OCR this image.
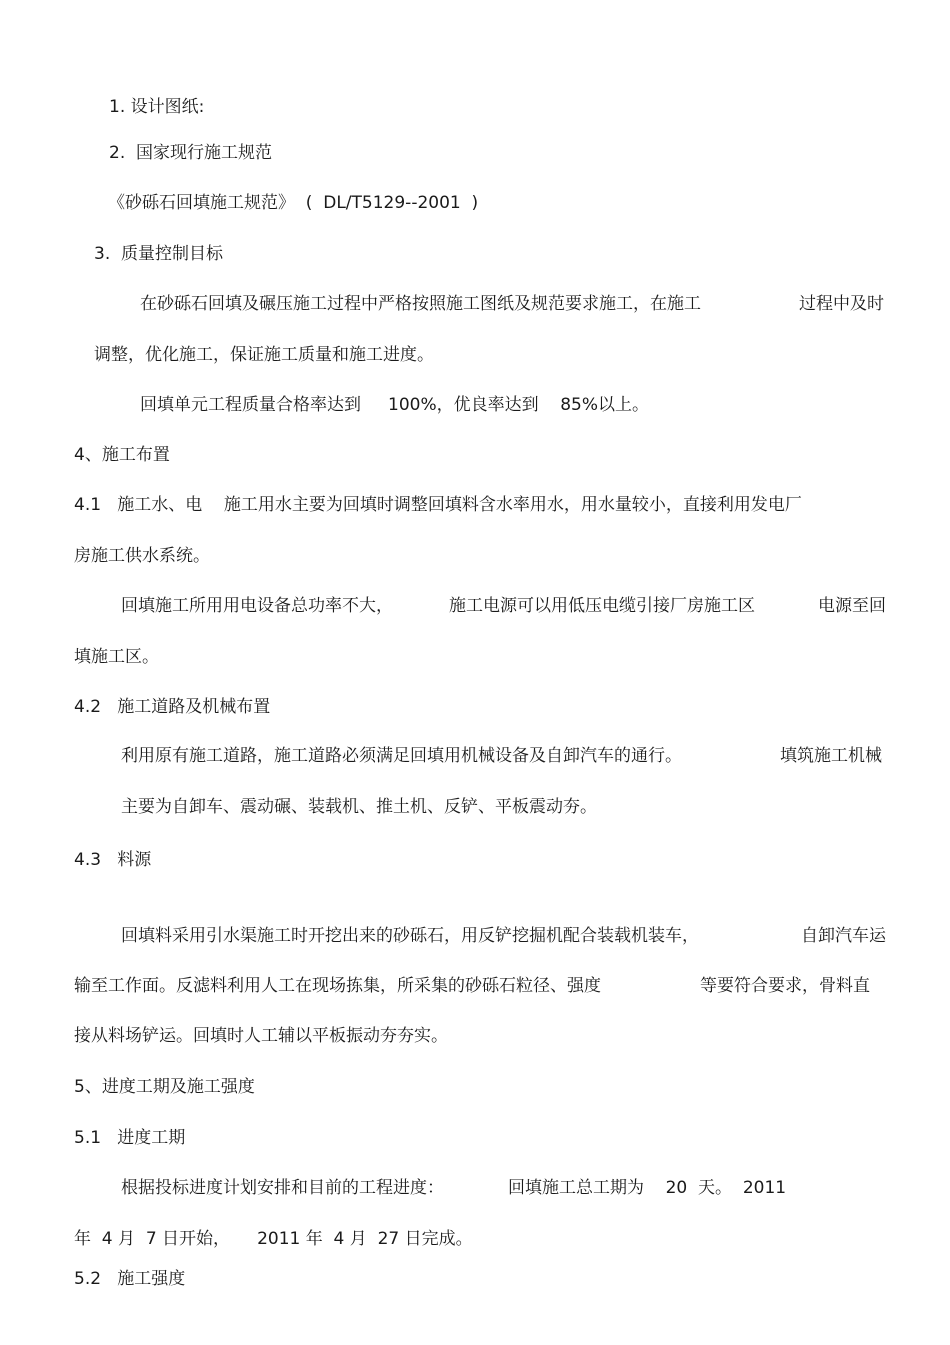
1. 设计图纸:
2.  国家现行施工规范
《砂砾石回填施工规范》  (  DL/T5129--2001  )
3.  质量控制目标
在砂砾石回填及碾压施工过程中严格按照施工图纸及规范要求施工，在施工	过程中及时
调整，优化施工，保证施工质量和施工进度。
回填单元工程质量合格率达到     100%，优良率达到    85%以上。
4、施工布置
4.1   施工水、电    施工用水主要为回填时调整回填料含水率用水，用水量较小，直接利用发电厂
房施工供水系统。
回填施工所用用电设备总功率不大，	施工电源可以用低压电缆引接厂房施工区	电源至回
填施工区。
4.2   施工道路及机械布置
利用原有施工道路，施工道路必须满足回填用机械设备及自卸汽车的通行。	填筑施工机械
主要为自卸车、震动碾、装载机、推土机、反铲、平板震动夯。
4.3   料源
回填料采用引水渠施工时开挖出来的砂砾石，用反铲挖掘机配合装载机装车，	自卸汽车运
输至工作面。反滤料利用人工在现场拣集，所采集的砂砾石粒径、强度	等要符合要求，骨料直
接从料场铲运。回填时人工辅以平板振动夯夯实。
5、进度工期及施工强度
5.1   进度工期
根据投标进度计划安排和目前的工程进度：	回填施工总工期为    20  天。  2011
年  4 月  7 日开始，     2011 年  4 月  27 日完成。
5.2   施工强度
